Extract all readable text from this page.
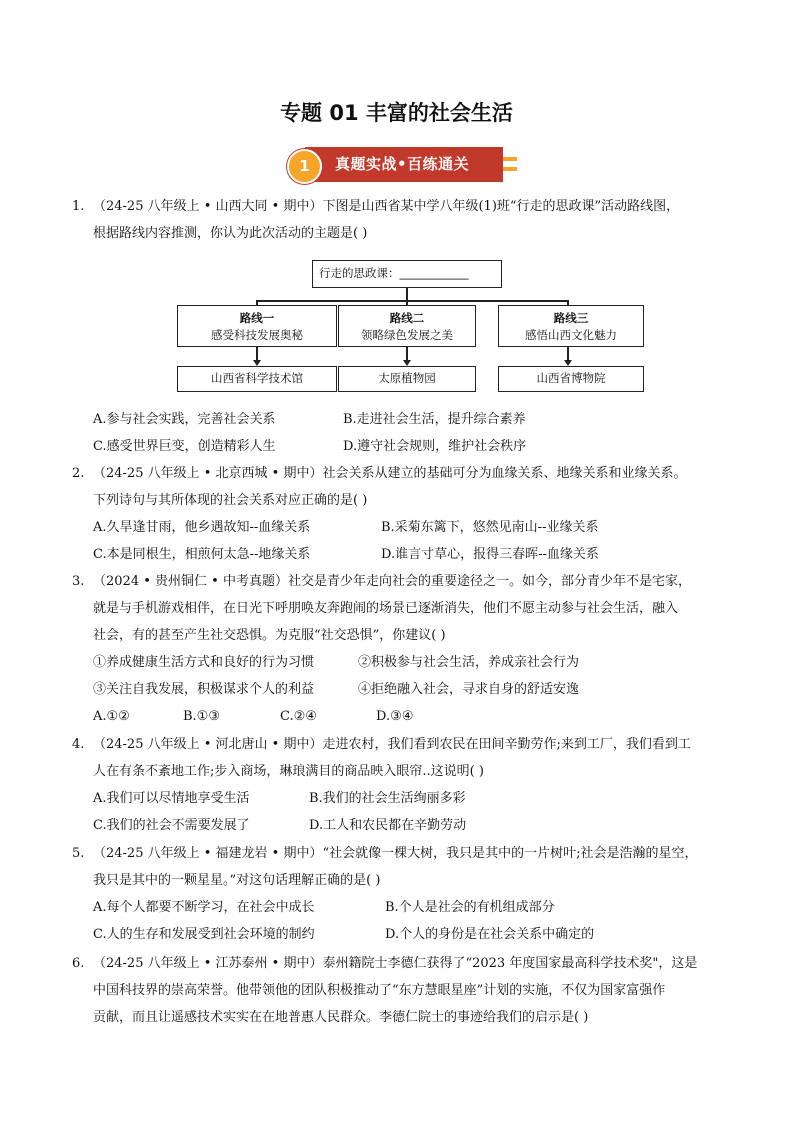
专题 01 丰富的社会生活
1	真题实战•百练通关
1. （24-25 八年级上 • 山西大同 • 期中）下图是山西省某中学八年级(1)班“行走的思政课”活动路线图，
根据路线内容推测，你认为此次活动的主题是( )
行走的思政课：____________
路线一
感受科技发展奥秘
路线二
领略绿色发展之美
路线三
感悟山西文化魅力
山西省科学技术馆	太原植物园	山西省博物院
A.参与社会实践，完善社会关系	B.走进社会生活，提升综合素养
C.感受世界巨变，创造精彩人生	D.遵守社会规则，维护社会秩序
2. （24-25 八年级上 • 北京西城 • 期中）社会关系从建立的基础可分为血缘关系、地缘关系和业缘关系。
下列诗句与其所体现的社会关系对应正确的是( )
A.久旱逢甘雨，他乡遇故知--血缘关系	B.采菊东篱下，悠然见南山--业缘关系
C.本是同根生，相煎何太急--地缘关系	D.谁言寸草心，报得三春晖--血缘关系
3. （2024 • 贵州铜仁 • 中考真题）社交是青少年走向社会的重要途径之一。如今，部分青少年不是宅家，
就是与手机游戏相伴，在日光下呼朋唤友奔跑闹的场景已逐渐消失，他们不愿主动参与社会生活，融入
社会，有的甚至产生社交恐惧。为克服“社交恐惧”，你建议( )
①养成健康生活方式和良好的行为习惯	②积极参与社会生活，养成亲社会行为
③关注自我发展，积极谋求个人的利益	④拒绝融入社会，寻求自身的舒适安逸
A.①②	B.①③	C.②④	D.③④
4. （24-25 八年级上 • 河北唐山 • 期中）走进农村，我们看到农民在田间辛勤劳作;来到工厂，我们看到工
人在有条不紊地工作;步入商场，琳琅满目的商品映入眼帘..这说明( )
A.我们可以尽情地享受生活	B.我们的社会生活绚丽多彩
C.我们的社会不需要发展了	D.工人和农民都在辛勤劳动
5. （24-25 八年级上 • 福建龙岩 • 期中）“社会就像一棵大树，我只是其中的一片树叶;社会是浩瀚的星空，
我只是其中的一颗星星。”对这句话理解正确的是( )
A.每个人都要不断学习，在社会中成长	B.个人是社会的有机组成部分
C.人的生存和发展受到社会环境的制约	D.个人的身份是在社会关系中确定的
6. （24-25 八年级上 • 江苏泰州 • 期中）泰州籍院士李德仁获得了“2023 年度国家最高科学技术奖"，这是
中国科技界的崇高荣誉。他带领他的团队积极推动了“东方慧眼星座”计划的实施，不仅为国家富强作
贡献，而且让遥感技术实实在在地普惠人民群众。李德仁院士的事迹给我们的启示是( )
